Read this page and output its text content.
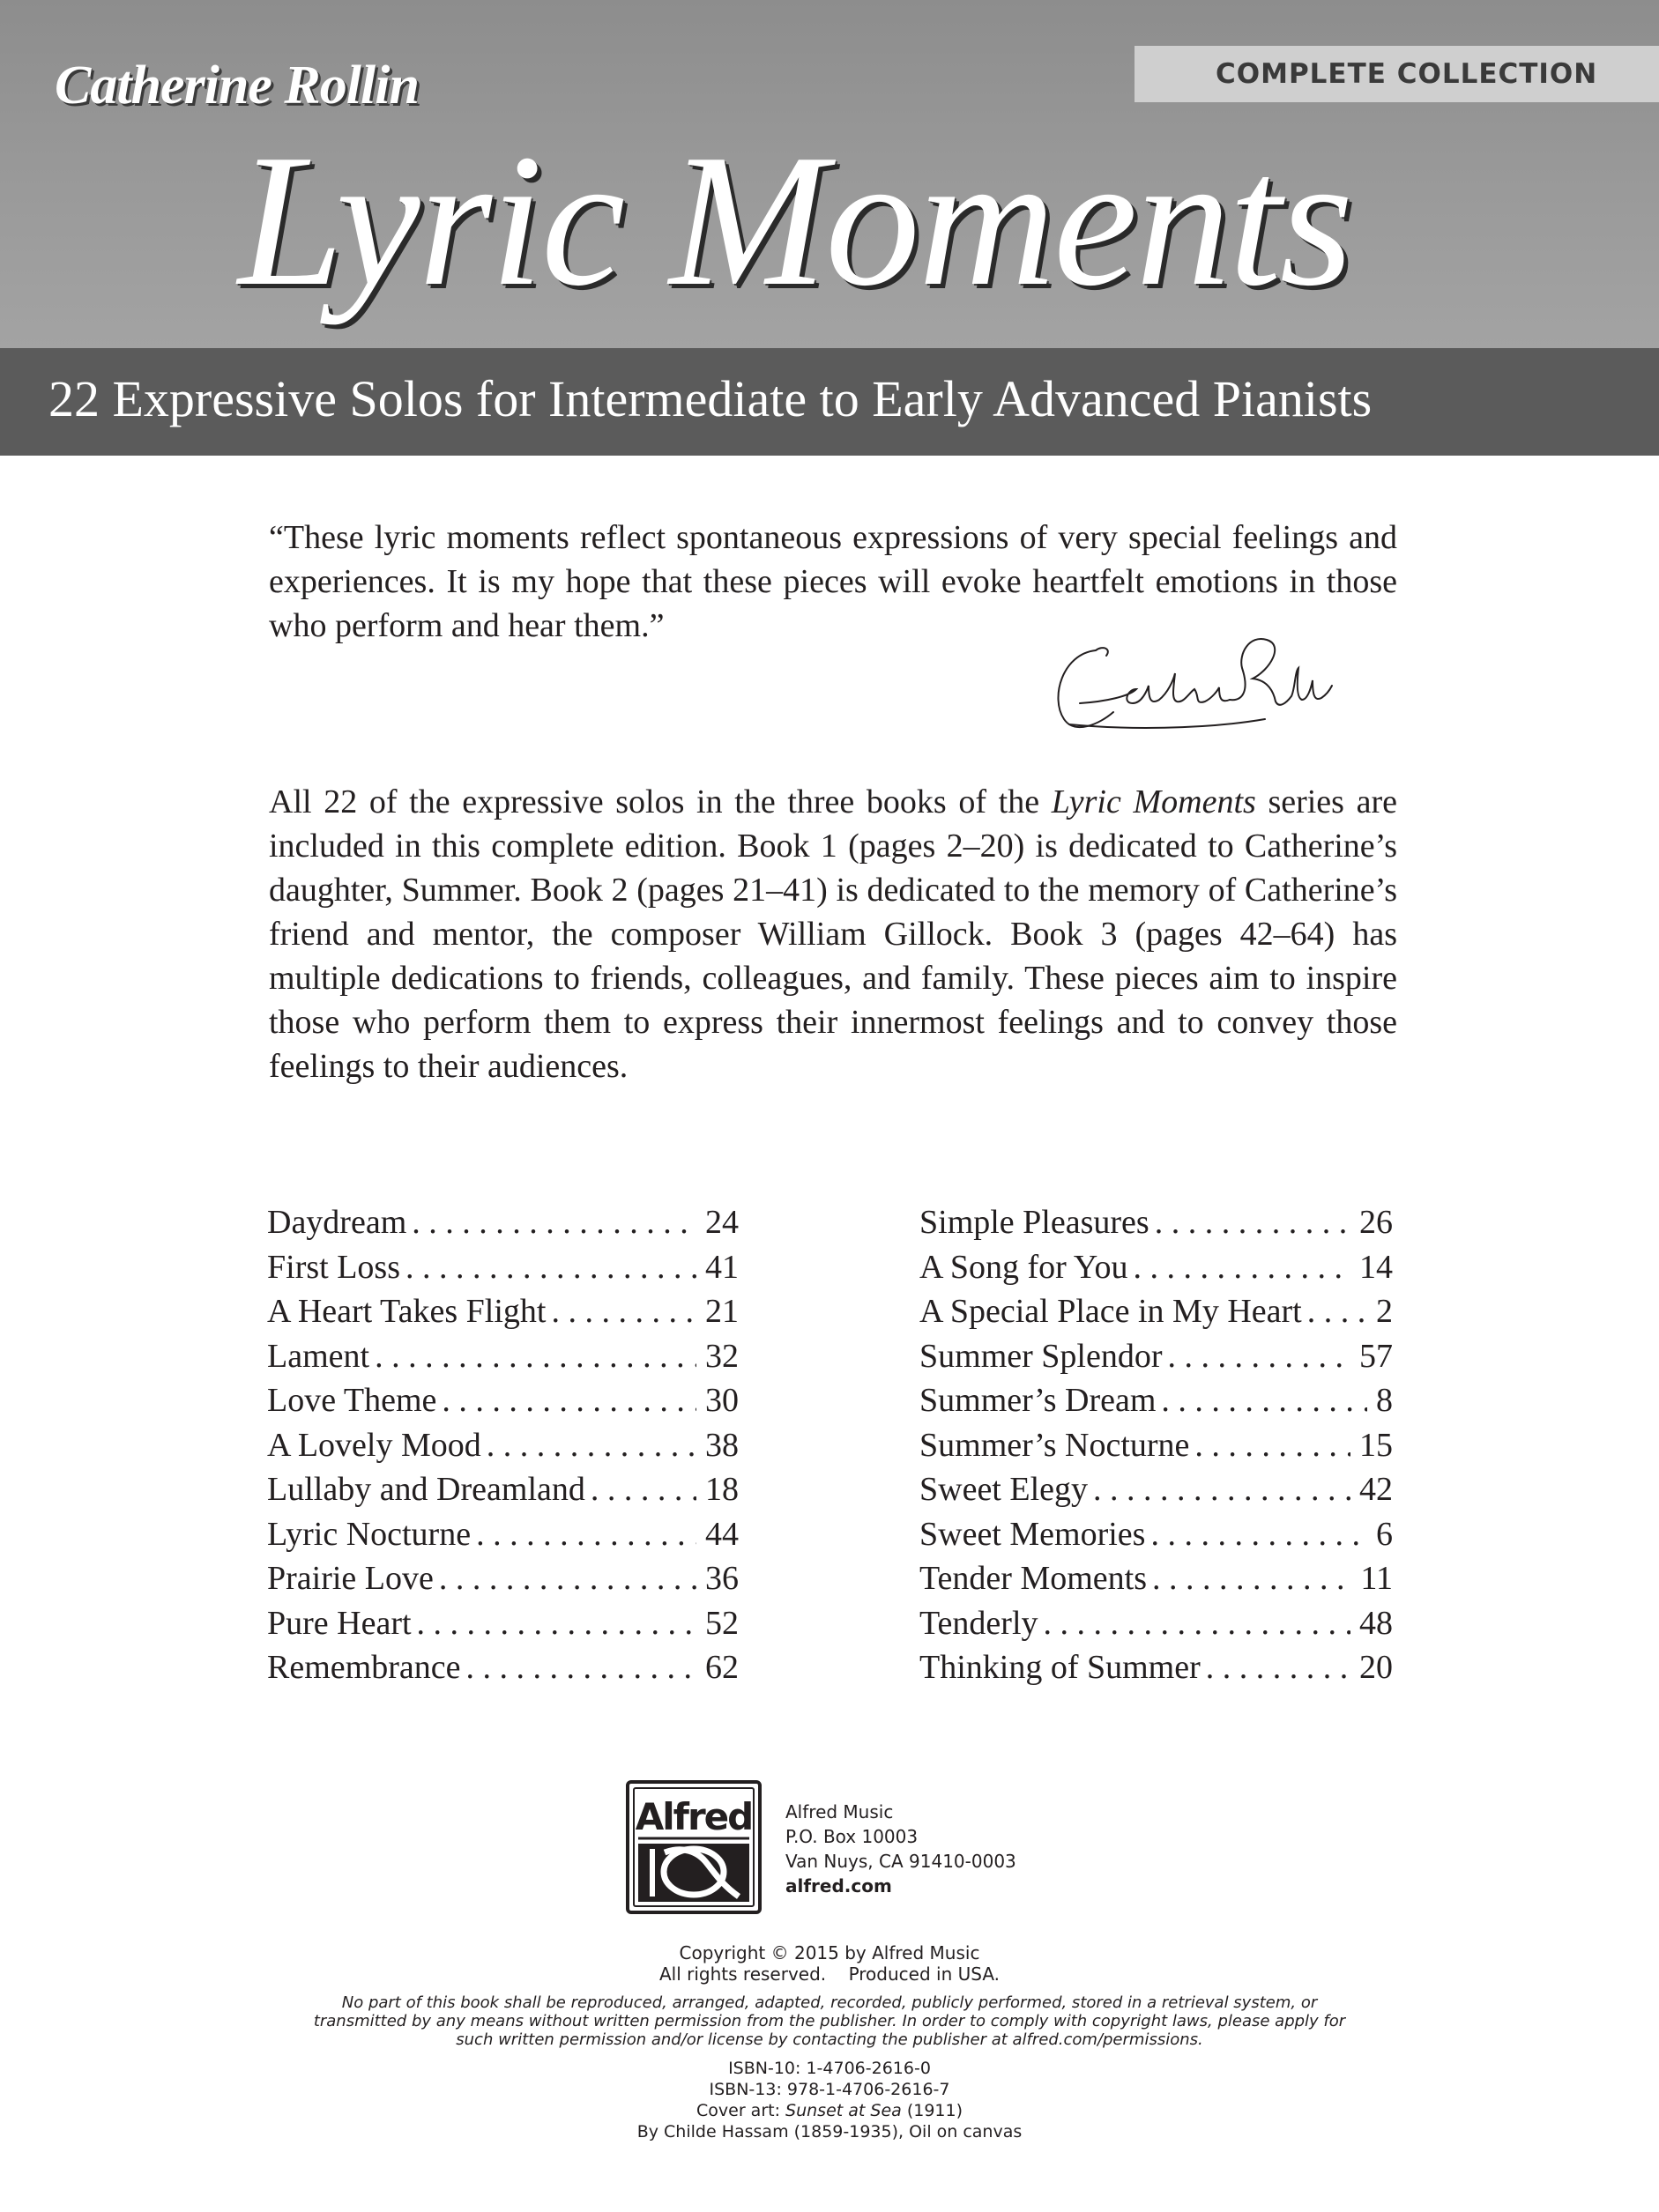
Catherine Rollin	COMPLETE COLLECTION
Lyric Moments
22 Expressive Solos for Intermediate to Early Advanced Pianists

“These lyric moments reflect spontaneous expressions of very special feelings and experiences. It is my hope that these pieces will evoke heartfelt emotions in those who perform and hear them.”

All 22 of the expressive solos in the three books of the Lyric Moments series are included in this complete edition. Book 1 (pages 2–20) is dedicated to Catherine’s daughter, Summer. Book 2 (pages 21–41) is dedicated to the memory of Catherine’s friend and mentor, the composer William Gillock. Book 3 (pages 42–64) has multiple dedications to friends, colleagues, and family. These pieces aim to inspire those who perform them to express their innermost feelings and to convey those feelings to their audiences.

Daydream . . .	24
First Loss . . .	41
A Heart Takes Flight . . .	21
Lament . . .	32
Love Theme . . .	30
A Lovely Mood . . .	38
Lullaby and Dreamland . . .	18
Lyric Nocturne . . .	44
Prairie Love . . .	36
Pure Heart . . .	52
Remembrance . . .	62
Simple Pleasures . . .	26
A Song for You . . .	14
A Special Place in My Heart . . . 2
Summer Splendor . . .	57
Summer’s Dream . . .	8
Summer’s Nocturne . . .	15
Sweet Elegy . . .	42
Sweet Memories . . .	6
Tender Moments . . .	11
Tenderly . . .	48
Thinking of Summer . . .	20
Alfred Alfred Music
P.O. Box 10003
Van Nuys, CA 91410-0003
alfred.com
Copyright © 2015 by Alfred Music
All rights reserved.    Produced in USA.
No part of this book shall be reproduced, arranged, adapted, recorded, publicly performed, stored in a retrieval system, or transmitted by any means without written permission from the publisher. In order to comply with copyright laws, please apply for such written permission and/or license by contacting the publisher at alfred.com/permissions.
ISBN-10: 1-4706-2616-0
ISBN-13: 978-1-4706-2616-7
Cover art: Sunset at Sea (1911)
By Childe Hassam (1859-1935), Oil on canvas
